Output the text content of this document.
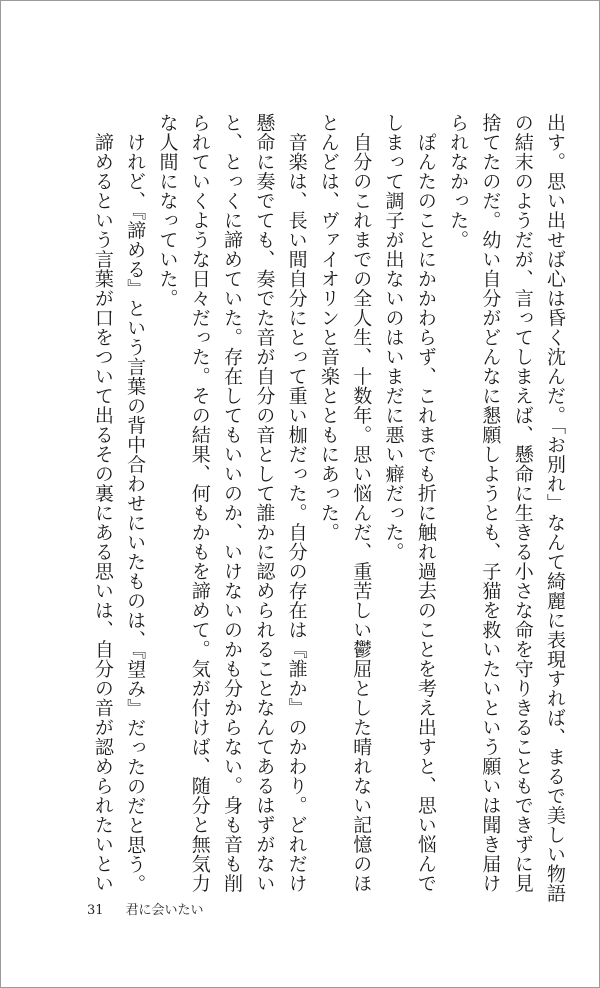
出す。思い出せば心は昏く沈んだ。「お別れ」なんて綺麗に表現すれば、まるで美しい物語
の結末のようだが、言ってしまえば、懸命に生きる小さな命を守りきることもできずに見
捨てたのだ。幼い自分がどんなに懇願しようとも、子猫を救いたいという願いは聞き届け
られなかった。
　ぽんたのことにかかわらず、これまでも折に触れ過去のことを考え出すと、思い悩んで
しまって調子が出ないのはいまだに悪い癖だった。
　自分のこれまでの全人生、十数年。思い悩んだ、重苦しい鬱屈とした晴れない記憶のほ
とんどは、ヴァイオリンと音楽とともにあった。
　音楽は、長い間自分にとって重い枷だった。自分の存在は『誰か』のかわり。どれだけ
懸命に奏でても、奏でた音が自分の音として誰かに認められることなんてあるはずがない
と、とっくに諦めていた。存在してもいいのか、いけないのかも分からない。身も音も削
られていくような日々だった。その結果、何もかもを諦めて。気が付けば、随分と無気力
な人間になっていた。
　けれど、『諦める』という言葉の背中合わせにいたものは、『望み』だったのだと思う。
　諦めるという言葉が口をついて出るその裏にある思いは、自分の音が認められたいとい
31 君に会いたい
